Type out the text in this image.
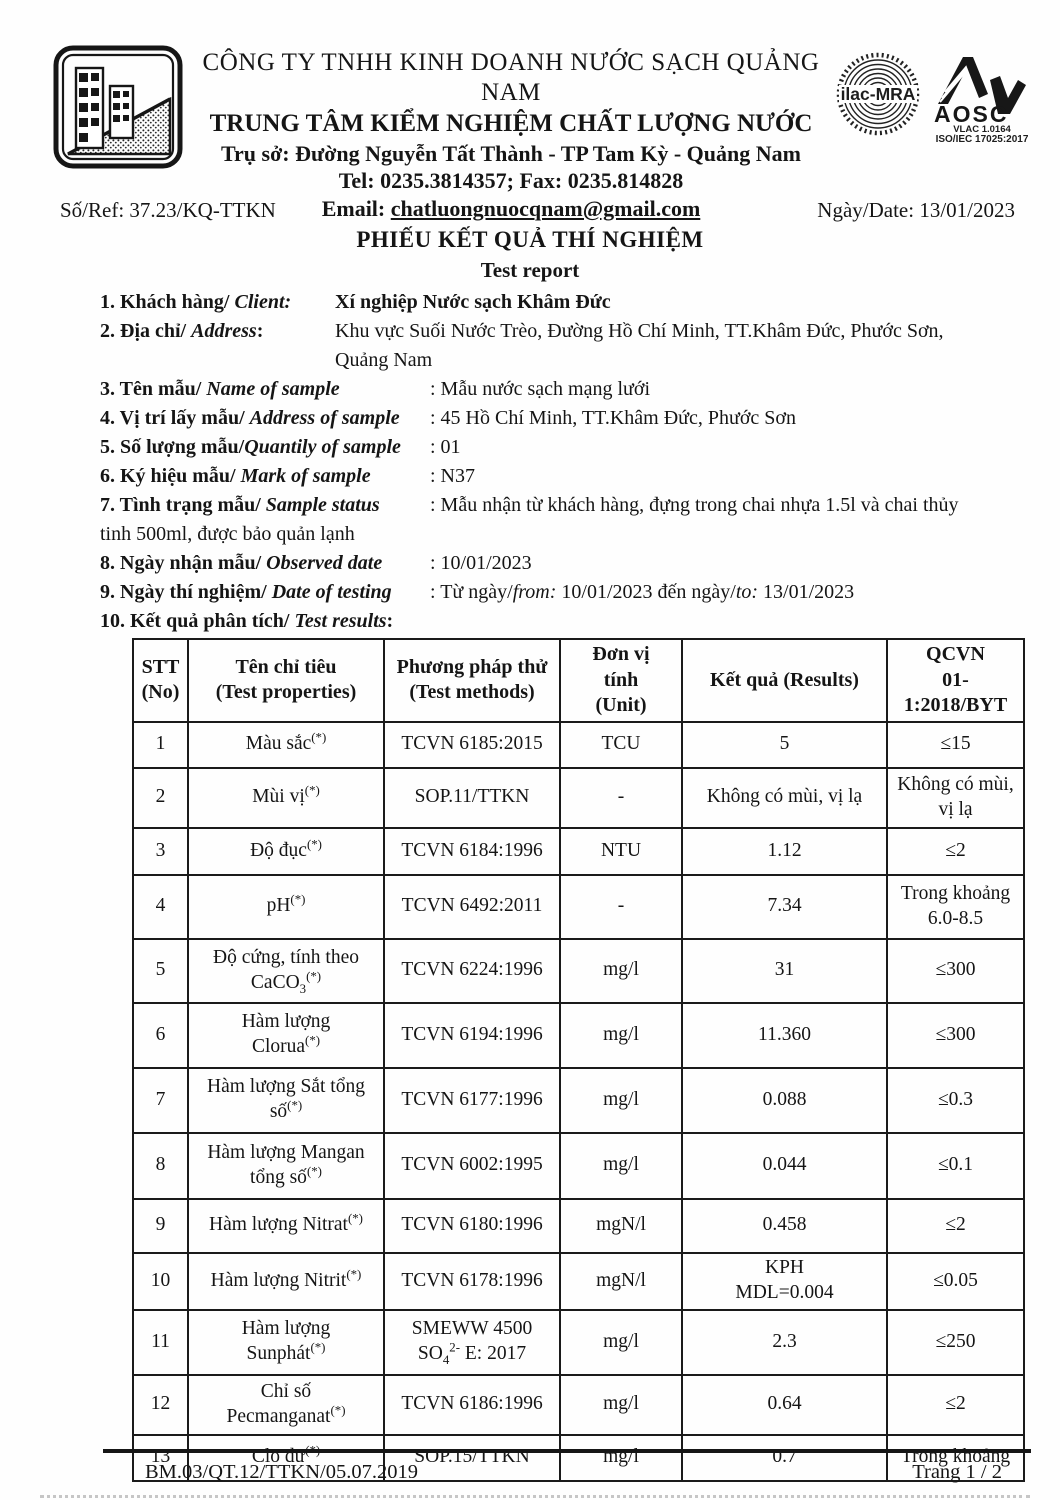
CÔNG TY TNHH KINH DOANH NƯỚC SẠCH QUẢNG NAM
TRUNG TÂM KIỂM NGHIỆM CHẤT LƯỢNG NƯỚC
Trụ sở: Đường Nguyễn Tất Thành - TP Tam Kỳ - Quảng Nam
Tel: 0235.3814357; Fax: 0235.814828
Email: chatluongnuocqnam@gmail.com
ilac-MRA
AOSC
VLAC 1.0164
ISO/IEC 17025:2017
Số/Ref: 37.23/KQ-TTKN	Ngày/Date: 13/01/2023
PHIẾU KẾT QUẢ THÍ NGHIỆM
Test report
1. Khách hàng/ Client: Xí nghiệp Nước sạch Khâm Đức
2. Địa chỉ/ Address:	Khu vực Suối Nước Trèo, Đường Hồ Chí Minh, TT.Khâm Đức, Phước Sơn,
Quảng Nam
3. Tên mẫu/ Name of sample	: Mẫu nước sạch mạng lưới
4. Vị trí lấy mẫu/ Address of sample : 45 Hồ Chí Minh, TT.Khâm Đức, Phước Sơn
5. Số lượng mẫu/Quantily of sample : 01
6. Ký hiệu mẫu/ Mark of sample	: N37
7. Tình trạng mẫu/ Sample status	: Mẫu nhận từ khách hàng, đựng trong chai nhựa 1.5l và chai thủy
tinh 500ml, được bảo quản lạnh
8. Ngày nhận mẫu/ Observed date : 10/01/2023
9. Ngày thí nghiệm/ Date of testing : Từ ngày/from: 10/01/2023 đến ngày/to: 13/01/2023
10. Kết quả phân tích/ Test results:
STT
(No)	Tên chỉ tiêu
(Test properties)	Phương pháp thử
(Test methods)	Đơn vị
tính
(Unit)	Kết quả (Results)	QCVN
01-
1:2018/BYT
1	Màu sắc(*)	TCVN 6185:2015	TCU	5	≤15
2	Mùi vị(*)	SOP.11/TTKN	-	Không có mùi, vị lạ	Không có mùi,
vị lạ
3	Độ đục(*)	TCVN 6184:1996	NTU	1.12	≤2
4	pH(*)	TCVN 6492:2011	-	7.34	Trong khoảng
6.0-8.5
5	Độ cứng, tính theo
CaCO$_3$(*)	TCVN 6224:1996	mg/l	31	≤300
6	Hàm lượng
Clorua(*)	TCVN 6194:1996	mg/l	11.360	≤300
7	Hàm lượng Sắt tổng
số(*)	TCVN 6177:1996	mg/l	0.088	≤0.3
8	Hàm lượng Mangan
tổng số(*)	TCVN 6002:1995	mg/l	0.044	≤0.1
9	Hàm lượng Nitrat(*)	TCVN 6180:1996	mgN/l	0.458	≤2
10	Hàm lượng Nitrit(*)	TCVN 6178:1996	mgN/l	KPH
MDL=0.004	≤0.05
11	Hàm lượng
Sunphát(*)	SMEWW 4500
$SO_4^{2-}$ E: 2017	mg/l	2.3	≤250
12	Chỉ số
Pecmanganat(*)	TCVN 6186:1996	mg/l	0.64	≤2
13	Clo dư(*)	SOP.15/TTKN	mg/l	0.7	Trong khoảng
BM.03/QT.12/TTKN/05.07.2019	Trang 1 / 2
